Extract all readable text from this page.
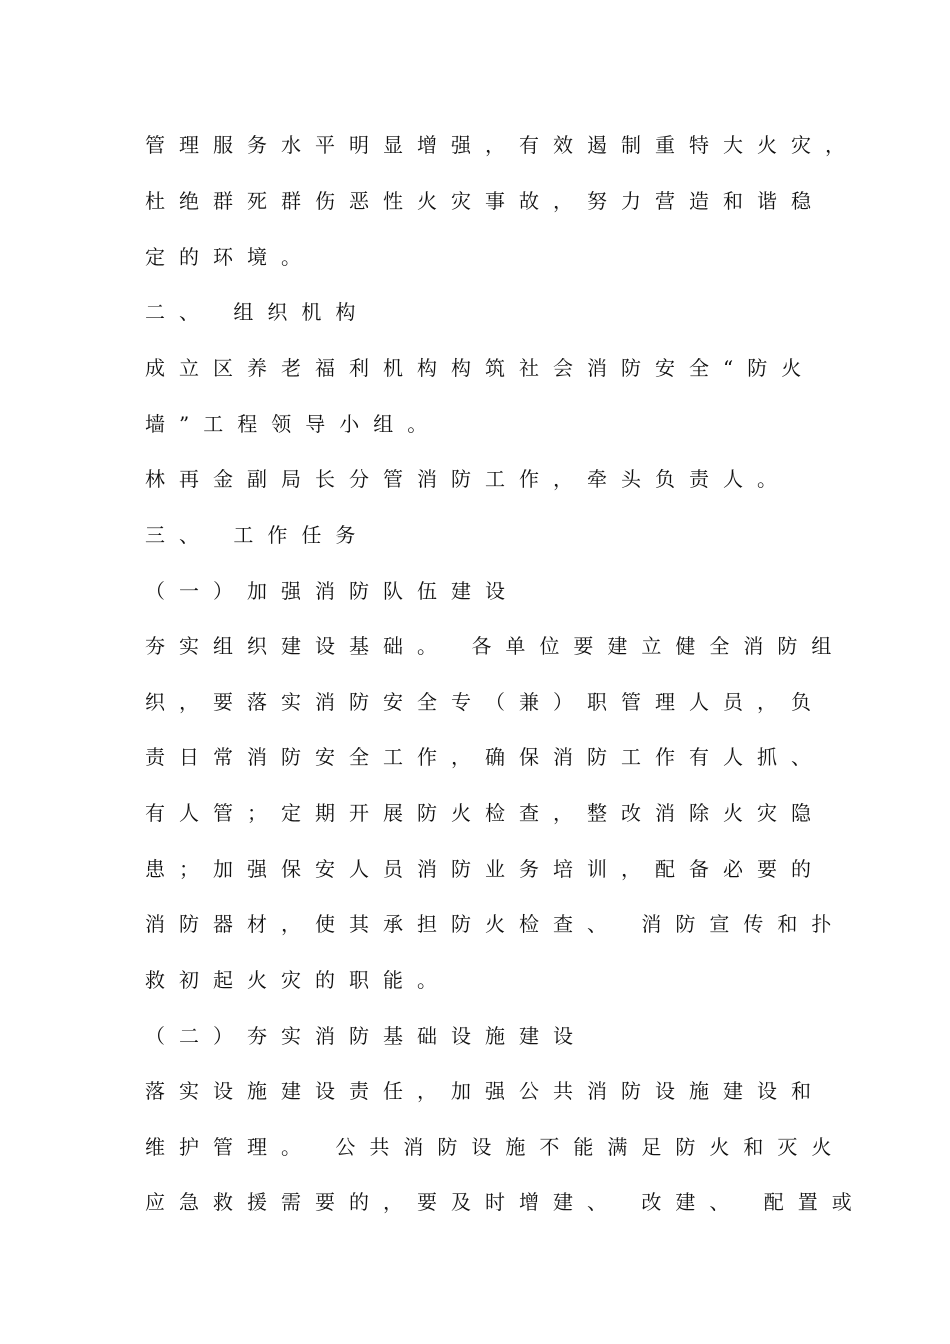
管理服务水平明显增强，有效遏制重特大火灾，
杜绝群死群伤恶性火灾事故，努力营造和谐稳
定的环境。
二、 组织机构
成立区养老福利机构构筑社会消防安全“防火
墙”工程领导小组。
林再金副局长分管消防工作，牵头负责人。
三、 工作任务
（一）加强消防队伍建设
夯实组织建设基础。 各单位要建立健全消防组
织，要落实消防安全专（兼）职管理人员，负
责日常消防安全工作，确保消防工作有人抓、
有人管；定期开展防火检查，整改消除火灾隐
患；加强保安人员消防业务培训，配备必要的
消防器材，使其承担防火检查、 消防宣传和扑
救初起火灾的职能。
（二）夯实消防基础设施建设
落实设施建设责任，加强公共消防设施建设和
维护管理。 公共消防设施不能满足防火和灭火
应急救援需要的，要及时增建、 改建、 配置或
